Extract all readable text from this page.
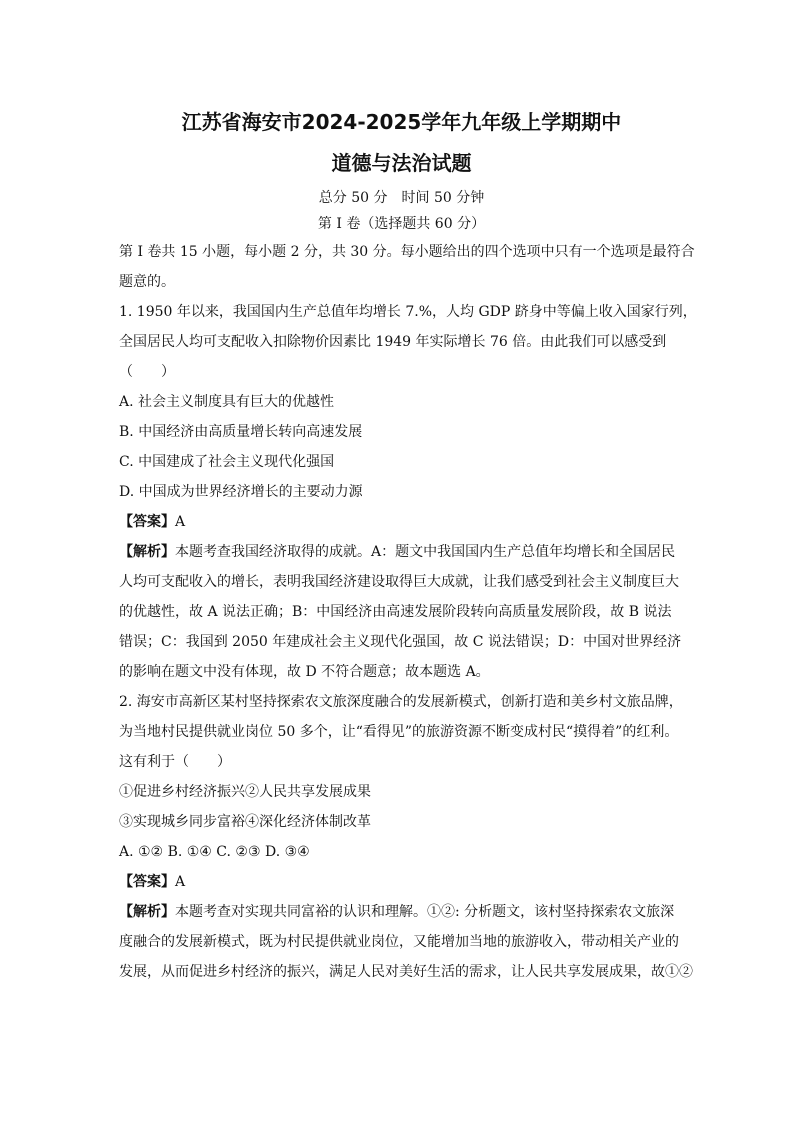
江苏省海安市2024-2025学年九年级上学期期中

道德与法治试题

总分 50 分　时间 50 分钟

第 I 卷（选择题共 60 分）

第 I 卷共 15 小题，每小题 2 分，共 30 分。每小题给出的四个选项中只有一个选项是最符合

题意的。

1. 1950 年以来，我国国内生产总值年均增长 7.%，人均 GDP 跻身中等偏上收入国家行列，

全国居民人均可支配收入扣除物价因素比 1949 年实际增长 76 倍。由此我们可以感受到

（　　）

A. 社会主义制度具有巨大的优越性

B. 中国经济由高质量增长转向高速发展

C. 中国建成了社会主义现代化强国

D. 中国成为世界经济增长的主要动力源

【答案】A

【解析】本题考查我国经济取得的成就。A：题文中我国国内生产总值年均增长和全国居民

人均可支配收入的增长，表明我国经济建设取得巨大成就，让我们感受到社会主义制度巨大

的优越性，故 A 说法正确；B：中国经济由高速发展阶段转向高质量发展阶段，故 B 说法

错误；C：我国到 2050 年建成社会主义现代化强国，故 C 说法错误；D：中国对世界经济

的影响在题文中没有体现，故 D 不符合题意；故本题选 A。

2. 海安市高新区某村坚持探索农文旅深度融合的发展新模式，创新打造和美乡村文旅品牌，

为当地村民提供就业岗位 50 多个，让“看得见”的旅游资源不断变成村民“摸得着”的红利。

这有利于（　　）

①促进乡村经济振兴②人民共享发展成果

③实现城乡同步富裕④深化经济体制改革

A. ①② B. ①④ C. ②③ D. ③④

【答案】A

【解析】本题考查对实现共同富裕的认识和理解。①②: 分析题文，该村坚持探索农文旅深

度融合的发展新模式，既为村民提供就业岗位，又能增加当地的旅游收入，带动相关产业的

发展，从而促进乡村经济的振兴，满足人民对美好生活的需求，让人民共享发展成果，故①②
